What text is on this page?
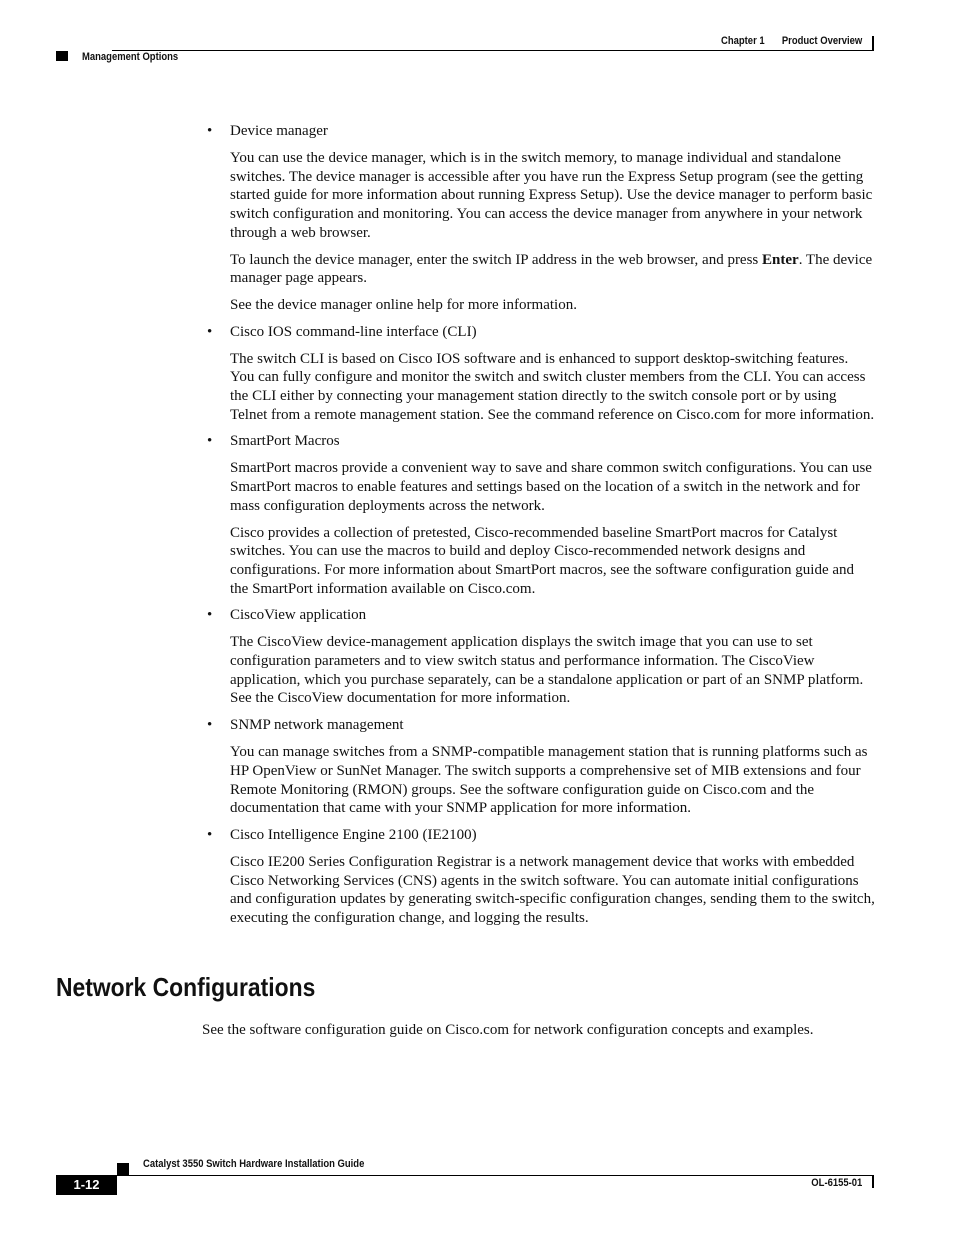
Chapter 1 Product Overview
Management Options
• Device manager

You can use the device manager, which is in the switch memory, to manage individual and standalone switches. The device manager is accessible after you have run the Express Setup program (see the getting started guide for more information about running Express Setup). Use the device manager to perform basic switch configuration and monitoring. You can access the device manager from anywhere in your network through a web browser.

To launch the device manager, enter the switch IP address in the web browser, and press Enter. The device manager page appears.

See the device manager online help for more information.

• Cisco IOS command-line interface (CLI)

The switch CLI is based on Cisco IOS software and is enhanced to support desktop-switching features. You can fully configure and monitor the switch and switch cluster members from the CLI. You can access the CLI either by connecting your management station directly to the switch console port or by using Telnet from a remote management station. See the command reference on Cisco.com for more information.

• SmartPort Macros

SmartPort macros provide a convenient way to save and share common switch configurations. You can use SmartPort macros to enable features and settings based on the location of a switch in the network and for mass configuration deployments across the network.

Cisco provides a collection of pretested, Cisco-recommended baseline SmartPort macros for Catalyst switches. You can use the macros to build and deploy Cisco-recommended network designs and configurations. For more information about SmartPort macros, see the software configuration guide and the SmartPort information available on Cisco.com.

• CiscoView application

The CiscoView device-management application displays the switch image that you can use to set configuration parameters and to view switch status and performance information. The CiscoView application, which you purchase separately, can be a standalone application or part of an SNMP platform. See the CiscoView documentation for more information.

• SNMP network management

You can manage switches from a SNMP-compatible management station that is running platforms such as HP OpenView or SunNet Manager. The switch supports a comprehensive set of MIB extensions and four Remote Monitoring (RMON) groups. See the software configuration guide on Cisco.com and the documentation that came with your SNMP application for more information.

• Cisco Intelligence Engine 2100 (IE2100)

Cisco IE200 Series Configuration Registrar is a network management device that works with embedded Cisco Networking Services (CNS) agents in the switch software. You can automate initial configurations and configuration updates by generating switch-specific configuration changes, sending them to the switch, executing the configuration change, and logging the results.

Network Configurations

See the software configuration guide on Cisco.com for network configuration concepts and examples.

Catalyst 3550 Switch Hardware Installation Guide
1-12	OL-6155-01
